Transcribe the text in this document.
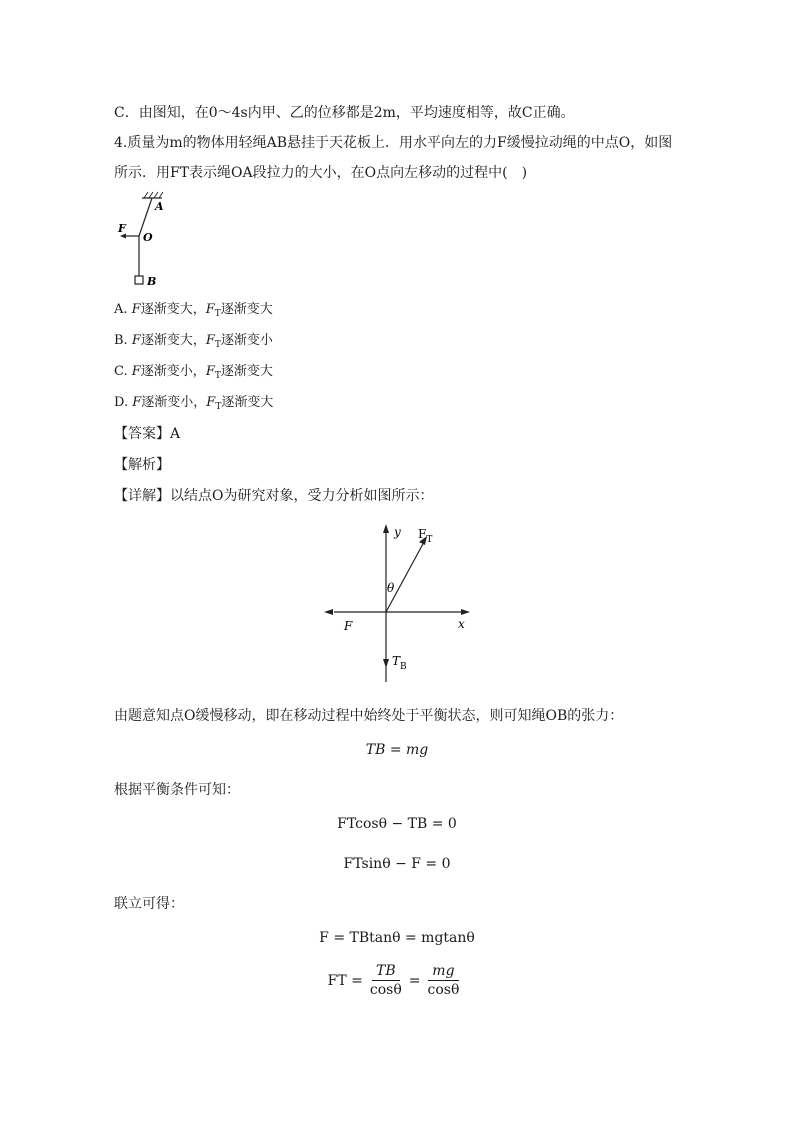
C．由图知，在0～4s内甲、乙的位移都是2m，平均速度相等，故C正确。
4.质量为m的物体用轻绳AB悬挂于天花板上．用水平向左的力F缓慢拉动绳的中点O，如图
所示．用FT表示绳OA段拉力的大小，在O点向左移动的过程中(　)
A
F
O
B
A. F逐渐变大，$F_T$逐渐变大
B. F逐渐变大，$F_T$逐渐变小
C. F逐渐变小，$F_T$逐渐变大
D. F逐渐变小，$F_T$逐渐变大
【答案】A
【解析】
【详解】以结点O为研究对象，受力分析如图所示：
y
x
$F_T$
θ
F
$T_B$
由题意知点O缓慢移动，即在移动过程中始终处于平衡状态，则可知绳OB的张力：
TB = mg
根据平衡条件可知：
FTcosθ − TB = 0
FTsinθ − F = 0
联立可得：
F = TBtanθ = mgtanθ
FT = $\frac{TB}{\cos\theta} = \frac{mg}{\cos\theta}$
